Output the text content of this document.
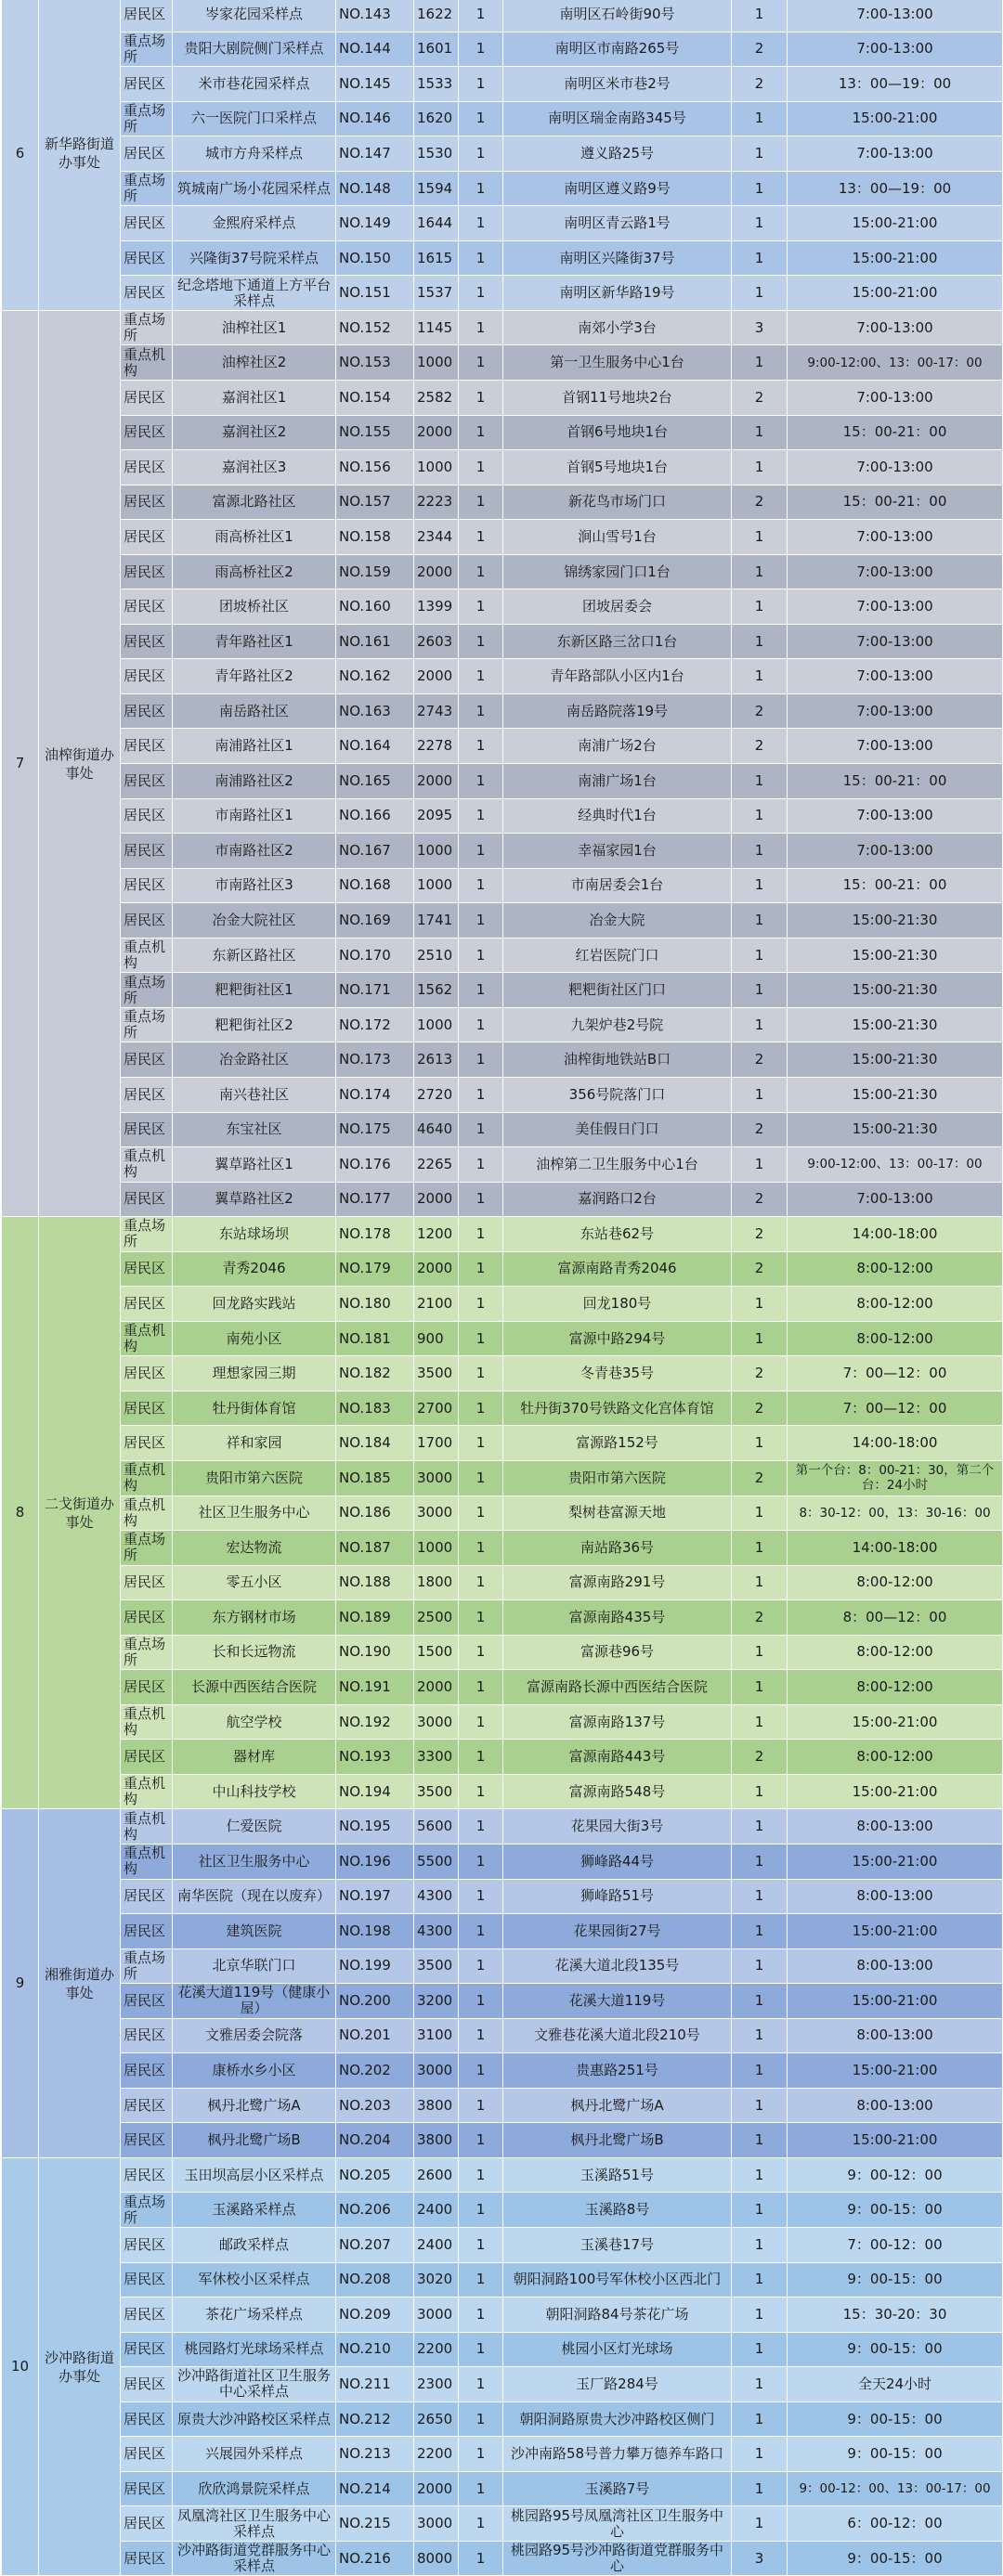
6	新华路街道办事处	居民区	岑家花园采样点	NO.143	1622	1	南明区石岭街90号	1	7:00-13:00
		重点场所	贵阳大剧院侧门采样点	NO.144	1601	1	南明区市南路265号	2	7:00-13:00
		居民区	米市巷花园采样点	NO.145	1533	1	南明区米市巷2号	2	13：00—19：00
		重点场所	六一医院门口采样点	NO.146	1620	1	南明区瑞金南路345号	1	15:00-21:00
		居民区	城市方舟采样点	NO.147	1530	1	遵义路25号	1	7:00-13:00
		重点场所	筑城南广场小花园采样点	NO.148	1594	1	南明区遵义路9号	1	13：00—19：00
		居民区	金熙府采样点	NO.149	1644	1	南明区青云路1号	1	15:00-21:00
		居民区	兴隆街37号院采样点	NO.150	1615	1	南明区兴隆街37号	1	15:00-21:00
		居民区	纪念塔地下通道上方平台采样点	NO.151	1537	1	南明区新华路19号	1	15:00-21:00
7	油榨街道办事处	重点场所	油榨社区1	NO.152	1145	1	南郊小学3台	3	7:00-13:00
		重点机构	油榨社区2	NO.153	1000	1	第一卫生服务中心1台	1	9:00-12:00、13：00-17：00
		居民区	嘉润社区1	NO.154	2582	1	首钢11号地块2台	2	7:00-13:00
		居民区	嘉润社区2	NO.155	2000	1	首钢6号地块1台	1	15：00-21：00
		居民区	嘉润社区3	NO.156	1000	1	首钢5号地块1台	1	7:00-13:00
		居民区	富源北路社区	NO.157	2223	1	新花鸟市场门口	2	15：00-21：00
		居民区	雨高桥社区1	NO.158	2344	1	涧山雪号1台	1	7:00-13:00
		居民区	雨高桥社区2	NO.159	2000	1	锦绣家园门口1台	1	7:00-13:00
		居民区	团坡桥社区	NO.160	1399	1	团坡居委会	1	7:00-13:00
		居民区	青年路社区1	NO.161	2603	1	东新区路三岔口1台	1	7:00-13:00
		居民区	青年路社区2	NO.162	2000	1	青年路部队小区内1台	1	7:00-13:00
		居民区	南岳路社区	NO.163	2743	1	南岳路院落19号	2	7:00-13:00
		居民区	南浦路社区1	NO.164	2278	1	南浦广场2台	2	7:00-13:00
		居民区	南浦路社区2	NO.165	2000	1	南浦广场1台	1	15：00-21：00
		居民区	市南路社区1	NO.166	2095	1	经典时代1台	1	7:00-13:00
		居民区	市南路社区2	NO.167	1000	1	幸福家园1台	1	7:00-13:00
		居民区	市南路社区3	NO.168	1000	1	市南居委会1台	1	15：00-21：00
		居民区	冶金大院社区	NO.169	1741	1	冶金大院	1	15:00-21:30
		重点机构	东新区路社区	NO.170	2510	1	红岩医院门口	1	15:00-21:30
		重点场所	粑粑街社区1	NO.171	1562	1	粑粑街社区门口	1	15:00-21:30
		重点场所	粑粑街社区2	NO.172	1000	1	九架炉巷2号院	1	15:00-21:30
		居民区	冶金路社区	NO.173	2613	1	油榨街地铁站B口	2	15:00-21:30
		居民区	南兴巷社区	NO.174	2720	1	356号院落门口	1	15:00-21:30
		居民区	东宝社区	NO.175	4640	1	美佳假日门口	2	15:00-21:30
		重点机构	翼草路社区1	NO.176	2265	1	油榨第二卫生服务中心1台	1	9:00-12:00、13：00-17：00
		居民区	翼草路社区2	NO.177	2000	1	嘉润路口2台	2	7:00-13:00
8	二戈街道办事处	重点场所	东站球场坝	NO.178	1200	1	东站巷62号	2	14:00-18:00
		居民区	青秀2046	NO.179	2000	1	富源南路青秀2046	2	8:00-12:00
		居民区	回龙路实践站	NO.180	2100	1	回龙180号	1	8:00-12:00
		重点机构	南苑小区	NO.181	900	1	富源中路294号	1	8:00-12:00
		居民区	理想家园三期	NO.182	3500	1	冬青巷35号	2	7：00—12：00
		居民区	牡丹街体育馆	NO.183	2700	1	牡丹街370号铁路文化宫体育馆	2	7：00—12：00
		居民区	祥和家园	NO.184	1700	1	富源路152号	1	14:00-18:00
		重点机构	贵阳市第六医院	NO.185	3000	1	贵阳市第六医院	2	第一个台：8：00-21：30，第二个台：24小时
		重点机构	社区卫生服务中心	NO.186	3000	1	梨树巷富源天地	1	8：30-12：00，13：30-16：00
		重点场所	宏达物流	NO.187	1000	1	南站路36号	1	14:00-18:00
		居民区	零五小区	NO.188	1800	1	富源南路291号	1	8:00-12:00
		居民区	东方钢材市场	NO.189	2500	1	富源南路435号	2	8：00—12：00
		重点场所	长和长远物流	NO.190	1500	1	富源巷96号	1	8:00-12:00
		居民区	长源中西医结合医院	NO.191	2000	1	富源南路长源中西医结合医院	1	8:00-12:00
		重点机构	航空学校	NO.192	3000	1	富源南路137号	1	15:00-21:00
		居民区	器材库	NO.193	3300	1	富源南路443号	2	8:00-12:00
		重点机构	中山科技学校	NO.194	3500	1	富源南路548号	1	15:00-21:00
9	湘雅街道办事处	重点机构	仁爱医院	NO.195	5600	1	花果园大街3号	1	8:00-13:00
		重点机构	社区卫生服务中心	NO.196	5500	1	狮峰路44号	1	15:00-21:00
		居民区	南华医院（现在以废弃）	NO.197	4300	1	狮峰路51号	1	8:00-13:00
		居民区	建筑医院	NO.198	4300	1	花果园街27号	1	15:00-21:00
		重点场所	北京华联门口	NO.199	3500	1	花溪大道北段135号	1	8:00-13:00
		居民区	花溪大道119号（健康小屋）	NO.200	3200	1	花溪大道119号	1	15:00-21:00
		居民区	文雅居委会院落	NO.201	3100	1	文雅巷花溪大道北段210号	1	8:00-13:00
		居民区	康桥水乡小区	NO.202	3000	1	贵惠路251号	1	15:00-21:00
		居民区	枫丹北鹭广场A	NO.203	3800	1	枫丹北鹭广场A	1	8:00-13:00
		居民区	枫丹北鹭广场B	NO.204	3800	1	枫丹北鹭广场B	1	15:00-21:00
10	沙冲路街道办事处	居民区	玉田坝高层小区采样点	NO.205	2600	1	玉溪路51号	1	9：00-12：00
		重点场所	玉溪路采样点	NO.206	2400	1	玉溪路8号	1	9：00-15：00
		居民区	邮政采样点	NO.207	2400	1	玉溪巷17号	1	7：00-12：00
		居民区	军休校小区采样点	NO.208	3020	1	朝阳洞路100号军休校小区西北门	1	9：00-15：00
		居民区	茶花广场采样点	NO.209	3000	1	朝阳洞路84号茶花广场	1	15：30-20：30
		居民区	桃园路灯光球场采样点	NO.210	2200	1	桃园小区灯光球场	1	9：00-15：00
		居民区	沙冲路街道社区卫生服务中心采样点	NO.211	2300	1	玉厂路284号	1	全天24小时
		居民区	原贵大沙冲路校区采样点	NO.212	2650	1	朝阳洞路原贵大沙冲路校区侧门	1	9：00-15：00
		居民区	兴展园外采样点	NO.213	2200	1	沙冲南路58号普力攀万德养车路口	1	9：00-15：00
		居民区	欣欣鸿景院采样点	NO.214	2000	1	玉溪路7号	1	9：00-12：00、13：00-17：00
		居民区	凤凰湾社区卫生服务中心采样点	NO.215	3000	1	桃园路95号凤凰湾社区卫生服务中心	1	6：00-12：00
		居民区	沙冲路街道党群服务中心采样点	NO.216	8000	1	桃园路95号沙冲路街道党群服务中心	3	9：00-15：00
